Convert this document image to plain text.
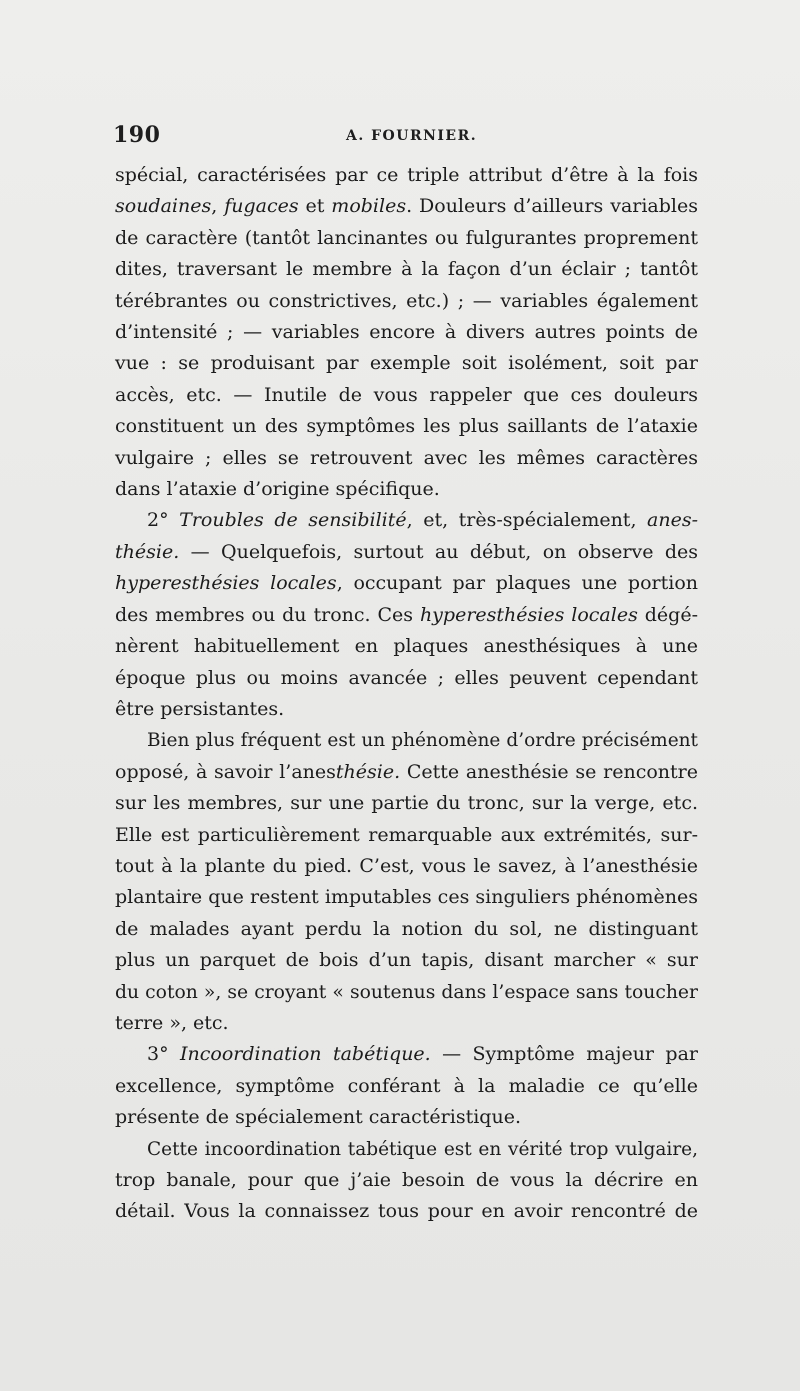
190	A. FOURNIER.
spécial, caractérisées par ce triple attribut d’être à la fois
soudaines, fugaces et mobiles. Douleurs d’ailleurs variables
de caractère (tantôt lancinantes ou fulgurantes proprement
dites, traversant le membre à la façon d’un éclair ; tantôt
térébrantes ou constrictives, etc.) ; — variables également
d’intensité ; — variables encore à divers autres points de
vue : se produisant par exemple soit isolément, soit par
accès, etc. — Inutile de vous rappeler que ces douleurs
constituent un des symptômes les plus saillants de l’ataxie
vulgaire ; elles se retrouvent avec les mêmes caractères
dans l’ataxie d’origine spécifique.
2° Troubles de sensibilité, et, très-spécialement, anes-
thésie. — Quelquefois, surtout au début, on observe des
hyperesthésies locales, occupant par plaques une portion
des membres ou du tronc. Ces hyperesthésies locales dégé-
nèrent habituellement en plaques anesthésiques à une
époque plus ou moins avancée ; elles peuvent cependant
être persistantes.
Bien plus fréquent est un phénomène d’ordre précisément
opposé, à savoir l’anesthésie. Cette anesthésie se rencontre
sur les membres, sur une partie du tronc, sur la verge, etc.
Elle est particulièrement remarquable aux extrémités, sur-
tout à la plante du pied. C’est, vous le savez, à l’anesthésie
plantaire que restent imputables ces singuliers phénomènes
de malades ayant perdu la notion du sol, ne distinguant
plus un parquet de bois d’un tapis, disant marcher « sur
du coton », se croyant « soutenus dans l’espace sans toucher
terre », etc.
3° Incoordination tabétique. — Symptôme majeur par
excellence, symptôme conférant à la maladie ce qu’elle
présente de spécialement caractéristique.
Cette incoordination tabétique est en vérité trop vulgaire,
trop banale, pour que j’aie besoin de vous la décrire en
détail. Vous la connaissez tous pour en avoir rencontré de
